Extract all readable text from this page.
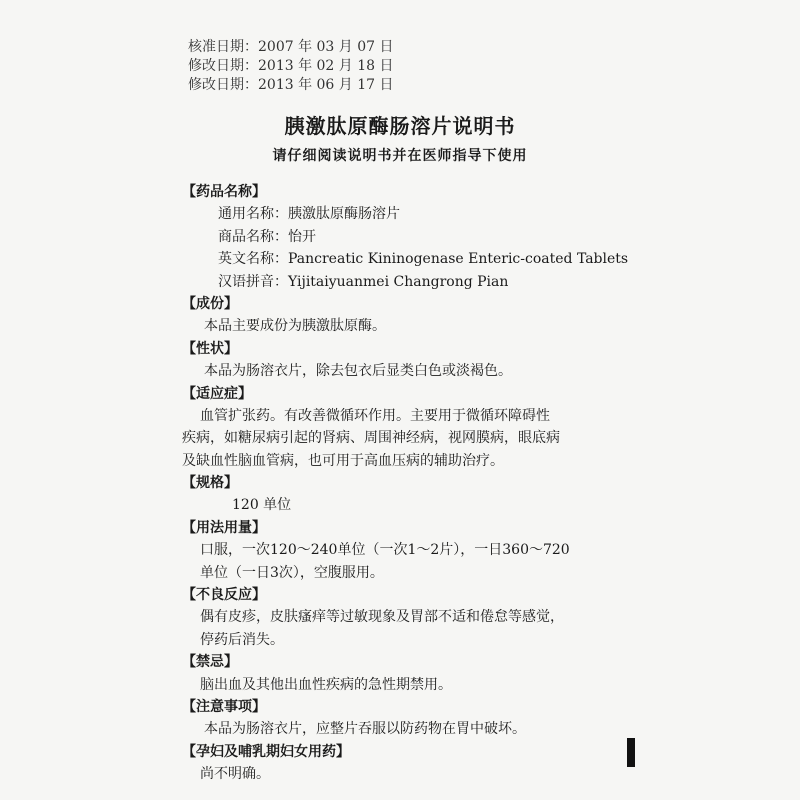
核准日期：2007 年 03 月 07 日
修改日期：2013 年 02 月 18 日
修改日期：2013 年 06 月 17 日
胰激肽原酶肠溶片说明书
请仔细阅读说明书并在医师指导下使用
【药品名称】
通用名称：胰激肽原酶肠溶片
商品名称：怡开
英文名称：Pancreatic Kininogenase Enteric-coated Tablets
汉语拼音：Yijitaiyuanmei Changrong Pian
【成份】
本品主要成份为胰激肽原酶。
【性状】
本品为肠溶衣片，除去包衣后显类白色或淡褐色。
【适应症】
血管扩张药。有改善微循环作用。主要用于微循环障碍性
疾病，如糖尿病引起的肾病、周围神经病，视网膜病，眼底病
及缺血性脑血管病，也可用于高血压病的辅助治疗。
【规格】
120 单位
【用法用量】
口服，一次120～240单位（一次1～2片），一日360～720
单位（一日3次），空腹服用。
【不良反应】
偶有皮疹，皮肤瘙痒等过敏现象及胃部不适和倦怠等感觉，
停药后消失。
【禁忌】
脑出血及其他出血性疾病的急性期禁用。
【注意事项】
本品为肠溶衣片，应整片吞服以防药物在胃中破坏。
【孕妇及哺乳期妇女用药】
尚不明确。
